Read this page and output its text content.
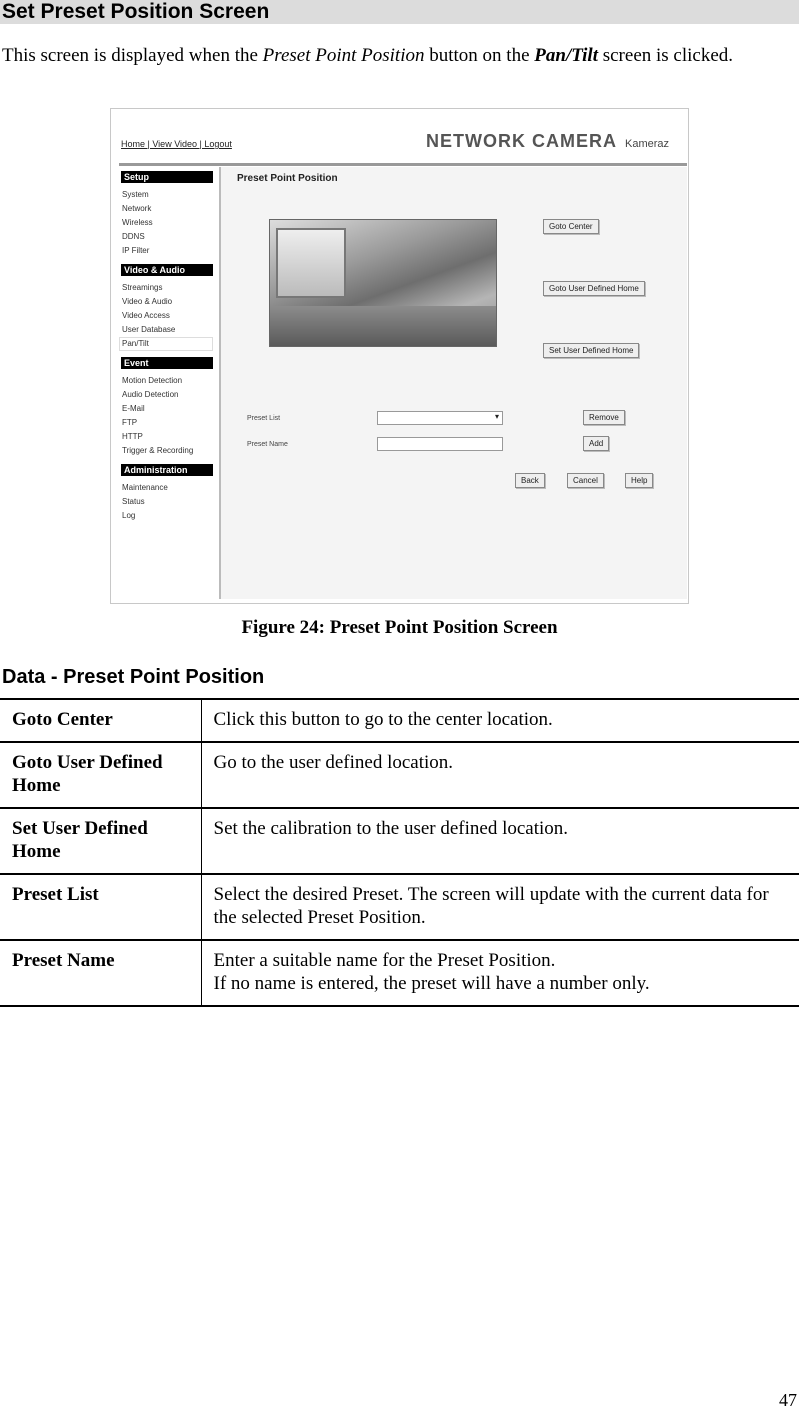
Set Preset Position Screen
This screen is displayed when the Preset Point Position button on the Pan/Tilt screen is clicked.
Home | View Video | Logout	NETWORK CAMERA Kameraz
Setup
System
Network
Wireless
DDNS
IP Filter
Video & Audio
Streamings
Video & Audio
Video Access
User Database
Pan/Tilt
Event
Motion Detection
Audio Detection
E-Mail
FTP
HTTP
Trigger & Recording
Administration
Maintenance
Status
Log
Preset Point Position
Goto Center
Goto User Defined Home
Set User Defined Home
Preset List	▾
Preset Name
Remove
Add
Back	Cancel	Help
Figure 24: Preset Point Position Screen
Data - Preset Point Position
Goto Center	Click this button to go to the center location.
Goto User Defined Home	Go to the user defined location.
Set User Defined Home	Set the calibration to the user defined location.
Preset List	Select the desired Preset. The screen will update with the current data for the selected Preset Position.
Preset Name	Enter a suitable name for the Preset Position.
If no name is entered, the preset will have a number only.
47
